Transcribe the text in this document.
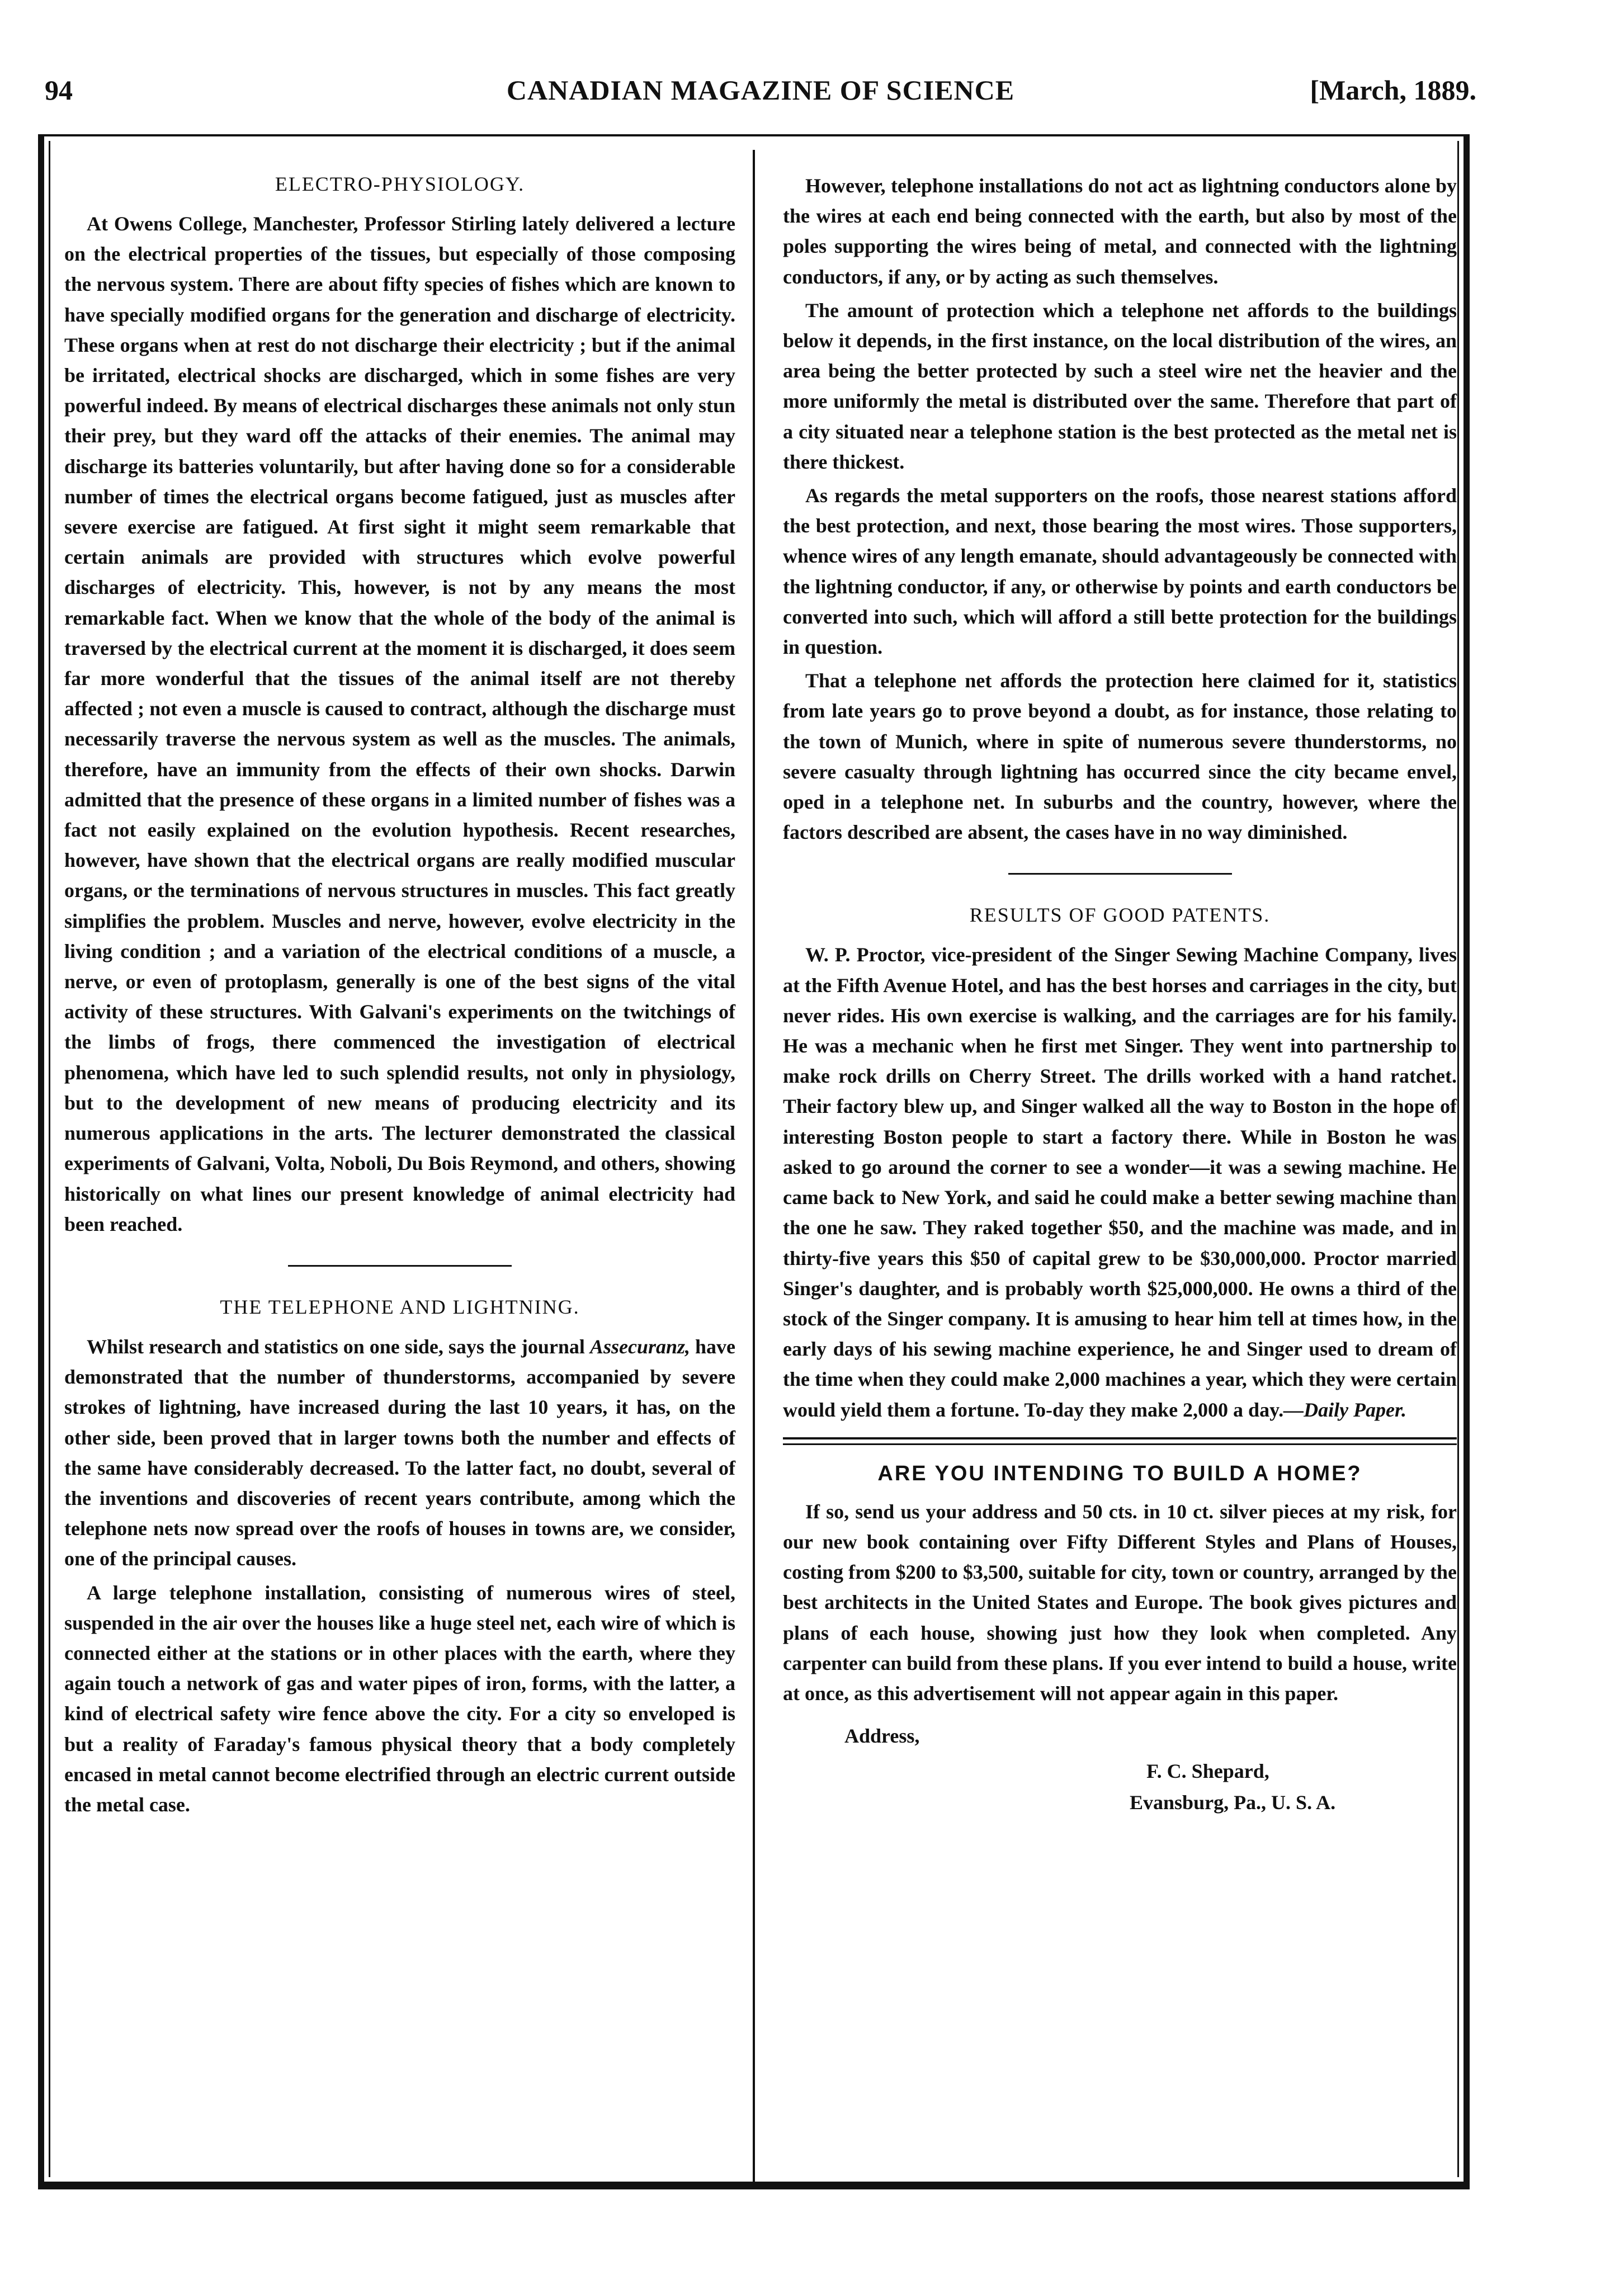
94	CANADIAN MAGAZINE OF SCIENCE	[March, 1889.
ELECTRO-PHYSIOLOGY.

At Owens College, Manchester, Professor Stirling lately delivered a lecture on the electrical properties of the tissues, but especially of those composing the nervous system. There are about fifty species of fishes which are known to have specially modified organs for the generation and discharge of electricity. These organs when at rest do not discharge their electricity ; but if the animal be irritated, electrical shocks are discharged, which in some fishes are very powerful indeed. By means of electrical discharges these animals not only stun their prey, but they ward off the attacks of their enemies. The animal may discharge its batteries voluntarily, but after having done so for a considerable number of times the electrical organs become fatigued, just as muscles after severe exercise are fatigued. At first sight it might seem remarkable that certain animals are provided with structures which evolve powerful discharges of electricity. This, however, is not by any means the most remarkable fact. When we know that the whole of the body of the animal is traversed by the electrical current at the moment it is discharged, it does seem far more wonderful that the tissues of the animal itself are not thereby affected ; not even a muscle is caused to contract, although the discharge must necessarily traverse the nervous system as well as the muscles. The animals, therefore, have an immunity from the effects of their own shocks. Darwin admitted that the presence of these organs in a limited number of fishes was a fact not easily explained on the evolution hypothesis. Recent researches, however, have shown that the electrical organs are really modified muscular organs, or the terminations of nervous structures in muscles. This fact greatly simplifies the problem. Muscles and nerve, however, evolve electricity in the living condition ; and a variation of the electrical conditions of a muscle, a nerve, or even of protoplasm, generally is one of the best signs of the vital activity of these structures. With Galvani's experiments on the twitchings of the limbs of frogs, there commenced the investigation of electrical phenomena, which have led to such splendid results, not only in physiology, but to the development of new means of producing electricity and its numerous applications in the arts. The lecturer demonstrated the classical experiments of Galvani, Volta, Noboli, Du Bois Reymond, and others, showing historically on what lines our present knowledge of animal electricity had been reached.

THE TELEPHONE AND LIGHTNING.

Whilst research and statistics on one side, says the journal Assecuranz, have demonstrated that the number of thunderstorms, accompanied by severe strokes of lightning, have increased during the last 10 years, it has, on the other side, been proved that in larger towns both the number and effects of the same have considerably decreased. To the latter fact, no doubt, several of the inventions and discoveries of recent years contribute, among which the telephone nets now spread over the roofs of houses in towns are, we consider, one of the principal causes.

A large telephone installation, consisting of numerous wires of steel, suspended in the air over the houses like a huge steel net, each wire of which is connected either at the stations or in other places with the earth, where they again touch a network of gas and water pipes of iron, forms, with the latter, a kind of electrical safety wire fence above the city. For a city so enveloped is but a reality of Faraday's famous physical theory that a body completely encased in metal cannot become electrified through an electric current outside the metal case.

However, telephone installations do not act as lightning conductors alone by the wires at each end being connected with the earth, but also by most of the poles supporting the wires being of metal, and connected with the lightning conductors, if any, or by acting as such themselves.

The amount of protection which a telephone net affords to the buildings below it depends, in the first instance, on the local distribution of the wires, an area being the better protected by such a steel wire net the heavier and the more uniformly the metal is distributed over the same. Therefore that part of a city situated near a telephone station is the best protected as the metal net is there thickest.

As regards the metal supporters on the roofs, those nearest stations afford the best protection, and next, those bearing the most wires. Those supporters, whence wires of any length emanate, should advantageously be connected with the lightning conductor, if any, or otherwise by points and earth conductors be converted into such, which will afford a still bette protection for the buildings in question.

That a telephone net affords the protection here claimed for it, statistics from late years go to prove beyond a doubt, as for instance, those relating to the town of Munich, where in spite of numerous severe thunderstorms, no severe casualty through lightning has occurred since the city became envel, oped in a telephone net. In suburbs and the country, however, where the factors described are absent, the cases have in no way diminished.

RESULTS OF GOOD PATENTS.

W. P. Proctor, vice-president of the Singer Sewing Machine Company, lives at the Fifth Avenue Hotel, and has the best horses and carriages in the city, but never rides. His own exercise is walking, and the carriages are for his family. He was a mechanic when he first met Singer. They went into partnership to make rock drills on Cherry Street. The drills worked with a hand ratchet. Their factory blew up, and Singer walked all the way to Boston in the hope of interesting Boston people to start a factory there. While in Boston he was asked to go around the corner to see a wonder—it was a sewing machine. He came back to New York, and said he could make a better sewing machine than the one he saw. They raked together $50, and the machine was made, and in thirty-five years this $50 of capital grew to be $30,000,000. Proctor married Singer's daughter, and is probably worth $25,000,000. He owns a third of the stock of the Singer company. It is amusing to hear him tell at times how, in the early days of his sewing machine experience, he and Singer used to dream of the time when they could make 2,000 machines a year, which they were certain would yield them a fortune. To-day they make 2,000 a day.—Daily Paper.

ARE YOU INTENDING TO BUILD A HOME?

If so, send us your address and 50 cts. in 10 ct. silver pieces at my risk, for our new book containing over Fifty Different Styles and Plans of Houses, costing from $200 to $3,500, suitable for city, town or country, arranged by the best architects in the United States and Europe. The book gives pictures and plans of each house, showing just how they look when completed. Any carpenter can build from these plans. If you ever intend to build a house, write at once, as this advertisement will not appear again in this paper.

Address,
F. C. Shepard,
Evansburg, Pa., U. S. A.
